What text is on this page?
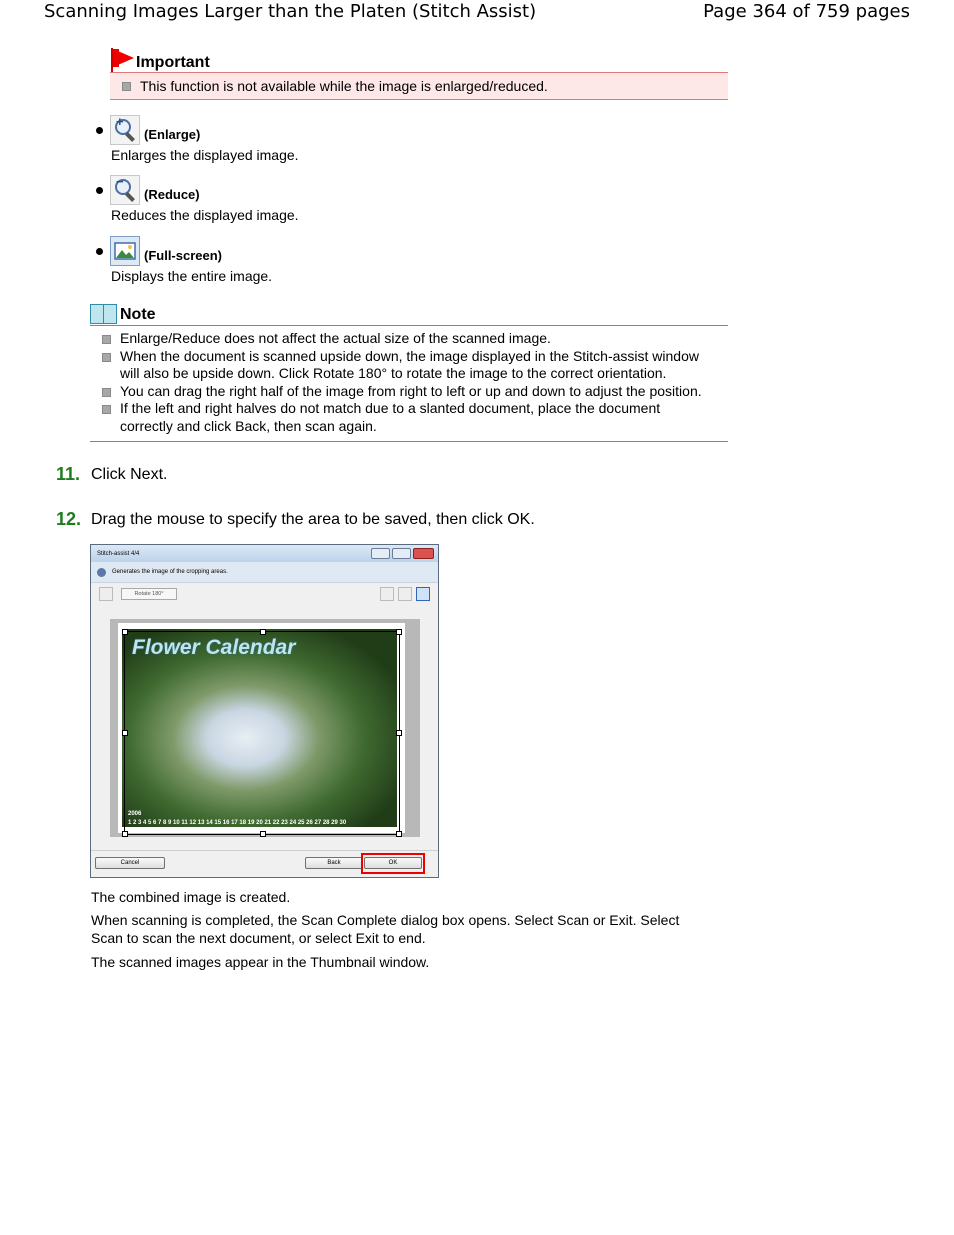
Scanning Images Larger than the Platen (Stitch Assist)	Page 364 of 759 pages
Important
This function is not available while the image is enlarged/reduced.
+
(Enlarge)
Enlarges the displayed image.
−
(Reduce)
Reduces the displayed image.
(Full-screen)
Displays the entire image.
Note
Enlarge/Reduce does not affect the actual size of the scanned image.
When the document is scanned upside down, the image displayed in the Stitch-assist window
will also be upside down. Click Rotate 180° to rotate the image to the correct orientation.
You can drag the right half of the image from right to left or up and down to adjust the position.
If the left and right halves do not match due to a slanted document, place the document
correctly and click Back, then scan again.
11. Click Next.
12. Drag the mouse to specify the area to be saved, then click OK.
Stitch-assist 4/4
Generates the image of the cropping areas.
Rotate 180°
Flower Calendar
2006
1 2 3 4 5 6 7 8 9 10 11 12 13 14 15 16 17 18 19 20 21 22 23 24 25 26 27 28 29 30
Cancel	Back	OK
The combined image is created.
When scanning is completed, the Scan Complete dialog box opens. Select Scan or Exit. Select
Scan to scan the next document, or select Exit to end.
The scanned images appear in the Thumbnail window.
